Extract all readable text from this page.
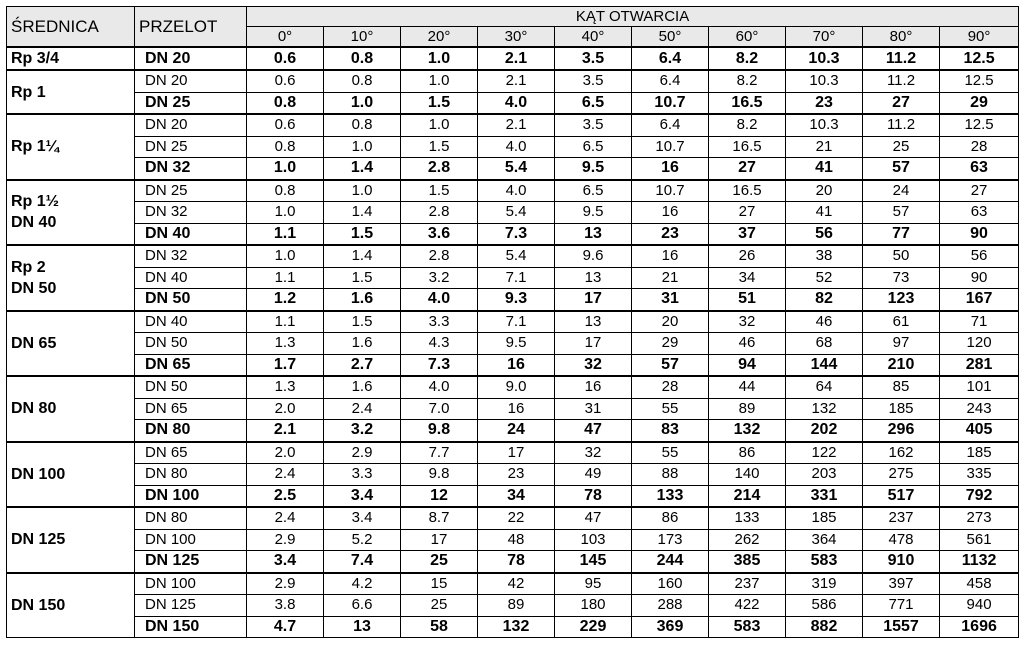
ŚREDNICA	PRZELOT	KĄT OTWARCIA									
		0°	10°	20°	30°	40°	50°	60°	70°	80°	90°

Rp 3/4	DN 20	0.6	0.8	1.0	2.1	3.5	6.4	8.2	10.3	11.2	12.5

Rp 1	DN 20	0.6	0.8	1.0	2.1	3.5	6.4	8.2	10.3	11.2	12.5
	DN 25	0.8	1.0	1.5	4.0	6.5	10.7	16.5	23	27	29

Rp 1¼	DN 20	0.6	0.8	1.0	2.1	3.5	6.4	8.2	10.3	11.2	12.5
	DN 25	0.8	1.0	1.5	4.0	6.5	10.7	16.5	21	25	28
	DN 32	1.0	1.4	2.8	5.4	9.5	16	27	41	57	63

Rp 1½
DN 40	DN 25	0.8	1.0	1.5	4.0	6.5	10.7	16.5	20	24	27
	DN 32	1.0	1.4	2.8	5.4	9.5	16	27	41	57	63
	DN 40	1.1	1.5	3.6	7.3	13	23	37	56	77	90

Rp 2
DN 50	DN 32	1.0	1.4	2.8	5.4	9.6	16	26	38	50	56
	DN 40	1.1	1.5	3.2	7.1	13	21	34	52	73	90
	DN 50	1.2	1.6	4.0	9.3	17	31	51	82	123	167

DN 65	DN 40	1.1	1.5	3.3	7.1	13	20	32	46	61	71
	DN 50	1.3	1.6	4.3	9.5	17	29	46	68	97	120
	DN 65	1.7	2.7	7.3	16	32	57	94	144	210	281

DN 80	DN 50	1.3	1.6	4.0	9.0	16	28	44	64	85	101
	DN 65	2.0	2.4	7.0	16	31	55	89	132	185	243
	DN 80	2.1	3.2	9.8	24	47	83	132	202	296	405

DN 100	DN 65	2.0	2.9	7.7	17	32	55	86	122	162	185
	DN 80	2.4	3.3	9.8	23	49	88	140	203	275	335
	DN 100	2.5	3.4	12	34	78	133	214	331	517	792

DN 125	DN 80	2.4	3.4	8.7	22	47	86	133	185	237	273
	DN 100	2.9	5.2	17	48	103	173	262	364	478	561
	DN 125	3.4	7.4	25	78	145	244	385	583	910	1132

DN 150	DN 100	2.9	4.2	15	42	95	160	237	319	397	458
	DN 125	3.8	6.6	25	89	180	288	422	586	771	940
	DN 150	4.7	13	58	132	229	369	583	882	1557	1696
